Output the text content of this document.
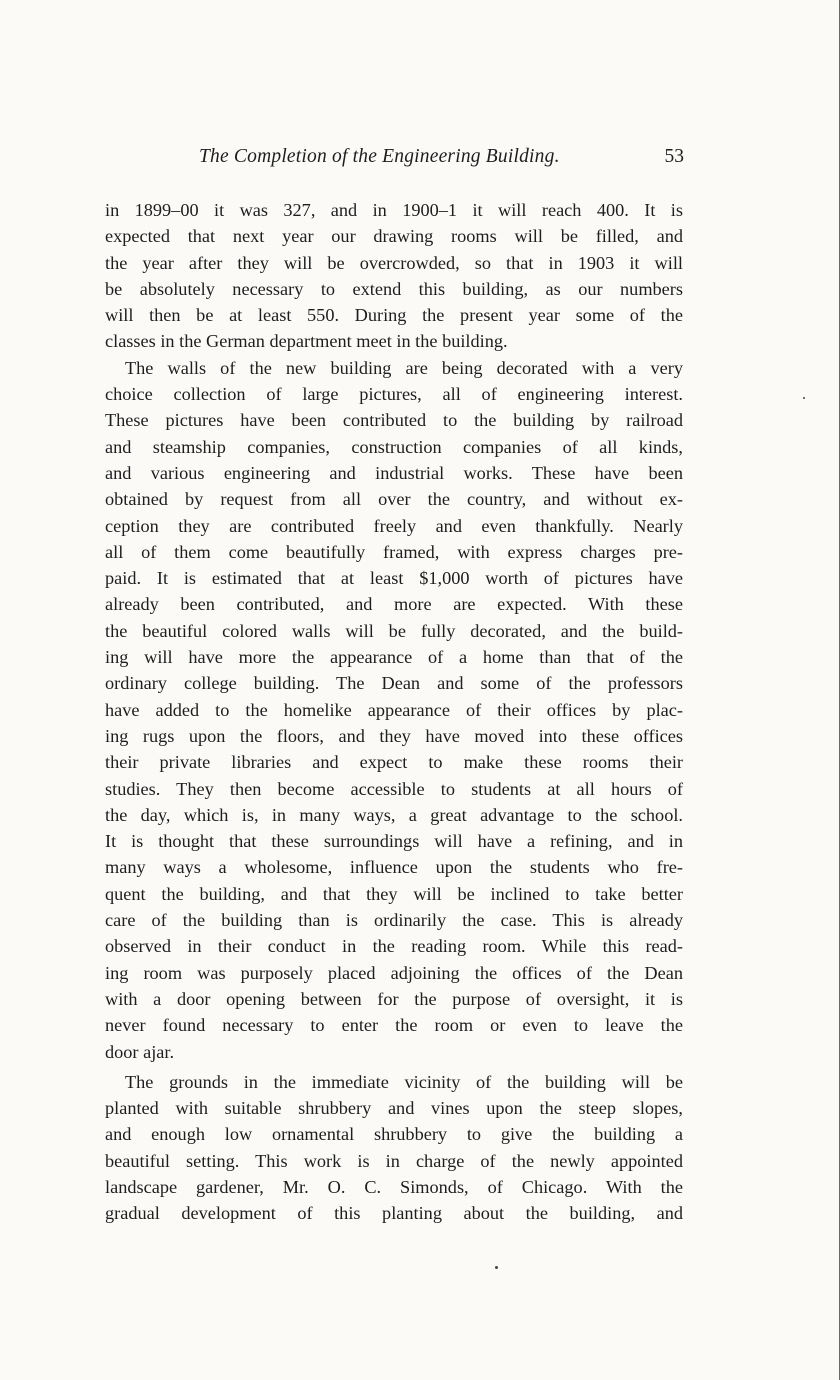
The Completion of the Engineering Building.	53
in 1899–00 it was 327, and in 1900–1 it will reach 400. It is
expected that next year our drawing rooms will be filled, and
the year after they will be overcrowded, so that in 1903 it will
be absolutely necessary to extend this building, as our numbers
will then be at least 550. During the present year some of the
classes in the German department meet in the building.
The walls of the new building are being decorated with a very
choice collection of large pictures, all of engineering interest.
These pictures have been contributed to the building by railroad
and steamship companies, construction companies of all kinds,
and various engineering and industrial works. These have been
obtained by request from all over the country, and without ex-
ception they are contributed freely and even thankfully. Nearly
all of them come beautifully framed, with express charges pre-
paid. It is estimated that at least $1,000 worth of pictures have
already been contributed, and more are expected. With these
the beautiful colored walls will be fully decorated, and the build-
ing will have more the appearance of a home than that of the
ordinary college building. The Dean and some of the professors
have added to the homelike appearance of their offices by plac-
ing rugs upon the floors, and they have moved into these offices
their private libraries and expect to make these rooms their
studies. They then become accessible to students at all hours of
the day, which is, in many ways, a great advantage to the school.
It is thought that these surroundings will have a refining, and in
many ways a wholesome, influence upon the students who fre-
quent the building, and that they will be inclined to take better
care of the building than is ordinarily the case. This is already
observed in their conduct in the reading room. While this read-
ing room was purposely placed adjoining the offices of the Dean
with a door opening between for the purpose of oversight, it is
never found necessary to enter the room or even to leave the
door ajar.
The grounds in the immediate vicinity of the building will be
planted with suitable shrubbery and vines upon the steep slopes,
and enough low ornamental shrubbery to give the building a
beautiful setting. This work is in charge of the newly appointed
landscape gardener, Mr. O. C. Simonds, of Chicago. With the
gradual development of this planting about the building, and
